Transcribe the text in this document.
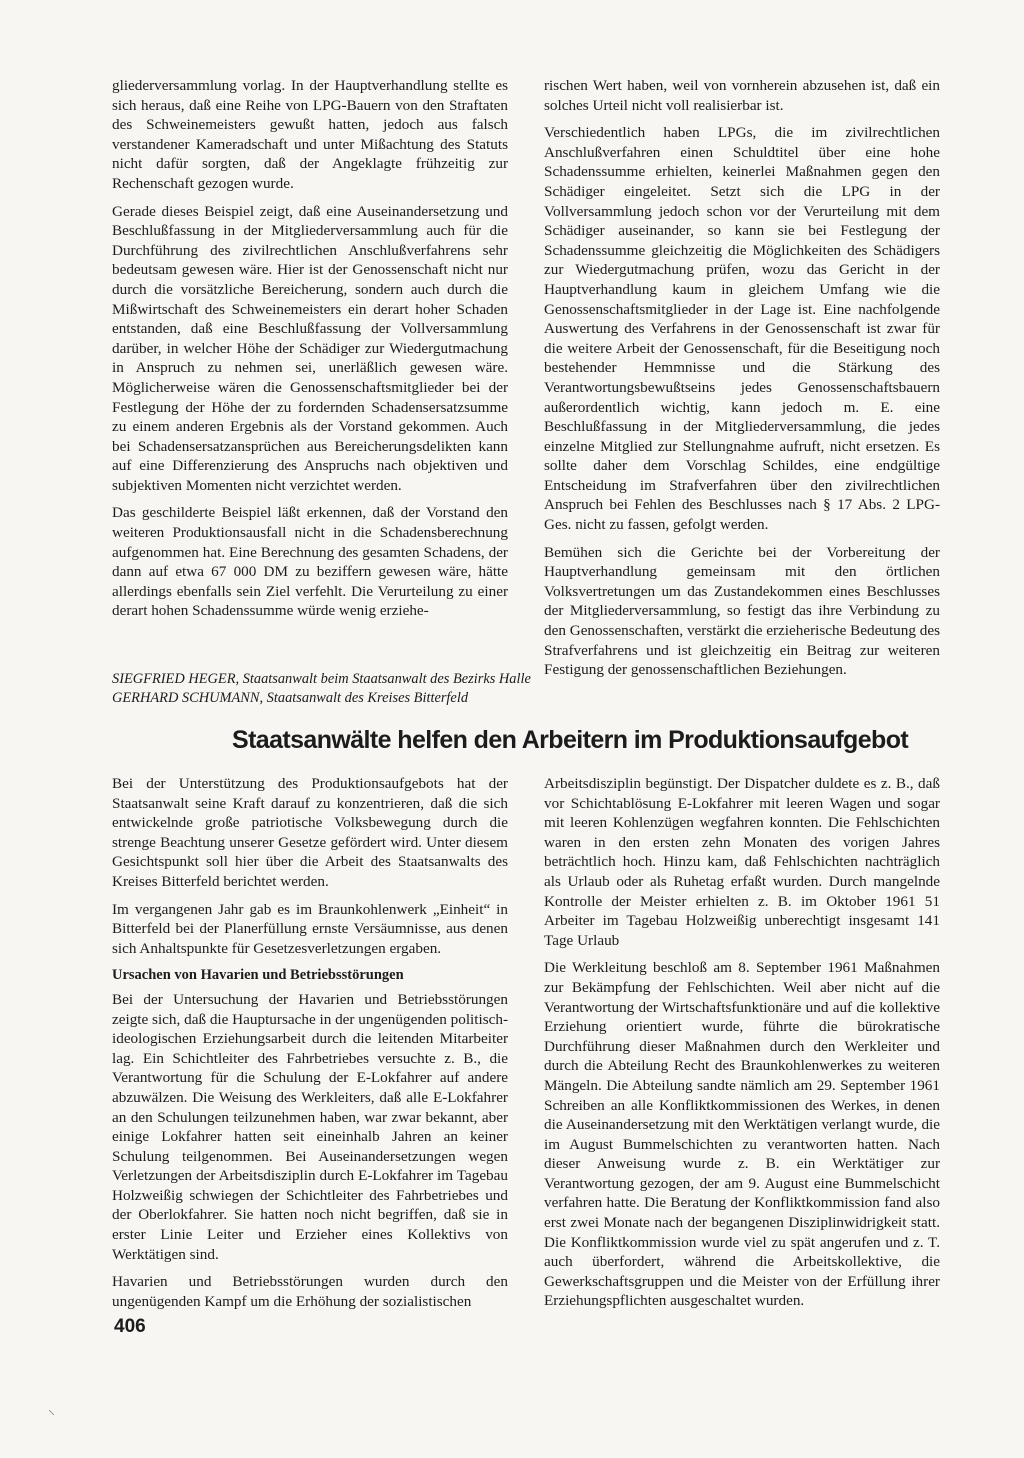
gliederversammlung vorlag. In der Hauptverhandlung stellte es sich heraus, daß eine Reihe von LPG-Bauern von den Straftaten des Schweinemeisters gewußt hatten, jedoch aus falsch verstandener Kameradschaft und unter Mißachtung des Statuts nicht dafür sorgten, daß der Angeklagte frühzeitig zur Rechenschaft gezogen wurde.

Gerade dieses Beispiel zeigt, daß eine Auseinandersetzung und Beschlußfassung in der Mitgliederversammlung auch für die Durchführung des zivilrechtlichen Anschlußverfahrens sehr bedeutsam gewesen wäre. Hier ist der Genossenschaft nicht nur durch die vorsätzliche Bereicherung, sondern auch durch die Mißwirtschaft des Schweinemeisters ein derart hoher Schaden entstanden, daß eine Beschlußfassung der Vollversammlung darüber, in welcher Höhe der Schädiger zur Wiedergutmachung in Anspruch zu nehmen sei, unerläßlich gewesen wäre. Möglicherweise wären die Genossenschaftsmitglieder bei der Festlegung der Höhe der zu fordernden Schadensersatzsumme zu einem anderen Ergebnis als der Vorstand gekommen. Auch bei Schadensersatzansprüchen aus Bereicherungsdelikten kann auf eine Differenzierung des Anspruchs nach objektiven und subjektiven Momenten nicht verzichtet werden.

Das geschilderte Beispiel läßt erkennen, daß der Vorstand den weiteren Produktionsausfall nicht in die Schadensberechnung aufgenommen hat. Eine Berechnung des gesamten Schadens, der dann auf etwa 67 000 DM zu beziffern gewesen wäre, hätte allerdings ebenfalls sein Ziel verfehlt. Die Verurteilung zu einer derart hohen Schadenssumme würde wenig erziehe-

rischen Wert haben, weil von vornherein abzusehen ist, daß ein solches Urteil nicht voll realisierbar ist.

Verschiedentlich haben LPGs, die im zivilrechtlichen Anschlußverfahren einen Schuldtitel über eine hohe Schadenssumme erhielten, keinerlei Maßnahmen gegen den Schädiger eingeleitet. Setzt sich die LPG in der Vollversammlung jedoch schon vor der Verurteilung mit dem Schädiger auseinander, so kann sie bei Festlegung der Schadenssumme gleichzeitig die Möglichkeiten des Schädigers zur Wiedergutmachung prüfen, wozu das Gericht in der Hauptverhandlung kaum in gleichem Umfang wie die Genossenschaftsmitglieder in der Lage ist. Eine nachfolgende Auswertung des Verfahrens in der Genossenschaft ist zwar für die weitere Arbeit der Genossenschaft, für die Beseitigung noch bestehender Hemmnisse und die Stärkung des Verantwortungsbewußtseins jedes Genossenschaftsbauern außerordentlich wichtig, kann jedoch m. E. eine Beschlußfassung in der Mitgliederversammlung, die jedes einzelne Mitglied zur Stellungnahme aufruft, nicht ersetzen. Es sollte daher dem Vorschlag Schildes, eine endgültige Entscheidung im Strafverfahren über den zivilrechtlichen Anspruch bei Fehlen des Beschlusses nach § 17 Abs. 2 LPG-Ges. nicht zu fassen, gefolgt werden.

Bemühen sich die Gerichte bei der Vorbereitung der Hauptverhandlung gemeinsam mit den örtlichen Volksvertretungen um das Zustandekommen eines Beschlusses der Mitgliederversammlung, so festigt das ihre Verbindung zu den Genossenschaften, verstärkt die erzieherische Bedeutung des Strafverfahrens und ist gleichzeitig ein Beitrag zur weiteren Festigung der genossenschaftlichen Beziehungen.

SIEGFRIED HEGER, Staatsanwalt beim Staatsanwalt des Bezirks Halle
GERHARD SCHUMANN, Staatsanwalt des Kreises Bitterfeld
Staatsanwälte helfen den Arbeitern im Produktionsaufgebot

Bei der Unterstützung des Produktionsaufgebots hat der Staatsanwalt seine Kraft darauf zu konzentrieren, daß die sich entwickelnde große patriotische Volksbewegung durch die strenge Beachtung unserer Gesetze gefördert wird. Unter diesem Gesichtspunkt soll hier über die Arbeit des Staatsanwalts des Kreises Bitterfeld berichtet werden.

Im vergangenen Jahr gab es im Braunkohlenwerk „Einheit“ in Bitterfeld bei der Planerfüllung ernste Versäumnisse, aus denen sich Anhaltspunkte für Gesetzesverletzungen ergaben.

Ursachen von Havarien und Betriebsstörungen

Bei der Untersuchung der Havarien und Betriebsstörungen zeigte sich, daß die Hauptursache in der ungenügenden politisch-ideologischen Erziehungsarbeit durch die leitenden Mitarbeiter lag. Ein Schichtleiter des Fahrbetriebes versuchte z. B., die Verantwortung für die Schulung der E-Lokfahrer auf andere abzuwälzen. Die Weisung des Werkleiters, daß alle E-Lokfahrer an den Schulungen teilzunehmen haben, war zwar bekannt, aber einige Lokfahrer hatten seit eineinhalb Jahren an keiner Schulung teilgenommen. Bei Auseinandersetzungen wegen Verletzungen der Arbeitsdisziplin durch E-Lokfahrer im Tagebau Holzweißig schwiegen der Schichtleiter des Fahrbetriebes und der Oberlokfahrer. Sie hatten noch nicht begriffen, daß sie in erster Linie Leiter und Erzieher eines Kollektivs von Werktätigen sind.

Havarien und Betriebsstörungen wurden durch den ungenügenden Kampf um die Erhöhung der sozialistischen

Arbeitsdisziplin begünstigt. Der Dispatcher duldete es z. B., daß vor Schichtablösung E-Lokfahrer mit leeren Wagen und sogar mit leeren Kohlenzügen wegfahren konnten. Die Fehlschichten waren in den ersten zehn Monaten des vorigen Jahres beträchtlich hoch. Hinzu kam, daß Fehlschichten nachträglich als Urlaub oder als Ruhetag erfaßt wurden. Durch mangelnde Kontrolle der Meister erhielten z. B. im Oktober 1961 51 Arbeiter im Tagebau Holzweißig unberechtigt insgesamt 141 Tage Urlaub

Die Werkleitung beschloß am 8. September 1961 Maßnahmen zur Bekämpfung der Fehlschichten. Weil aber nicht auf die Verantwortung der Wirtschaftsfunktionäre und auf die kollektive Erziehung orientiert wurde, führte die bürokratische Durchführung dieser Maßnahmen durch den Werkleiter und durch die Abteilung Recht des Braunkohlenwerkes zu weiteren Mängeln. Die Abteilung sandte nämlich am 29. September 1961 Schreiben an alle Konfliktkommissionen des Werkes, in denen die Auseinandersetzung mit den Werktätigen verlangt wurde, die im August Bummelschichten zu verantworten hatten. Nach dieser Anweisung wurde z. B. ein Werktätiger zur Verantwortung gezogen, der am 9. August eine Bummelschicht verfahren hatte. Die Beratung der Konfliktkommission fand also erst zwei Monate nach der begangenen Disziplinwidrigkeit statt. Die Konfliktkommission wurde viel zu spät angerufen und z. T. auch überfordert, während die Arbeitskollektive, die Gewerkschaftsgruppen und die Meister von der Erfüllung ihrer Erziehungspflichten ausgeschaltet wurden.

406
⸜
